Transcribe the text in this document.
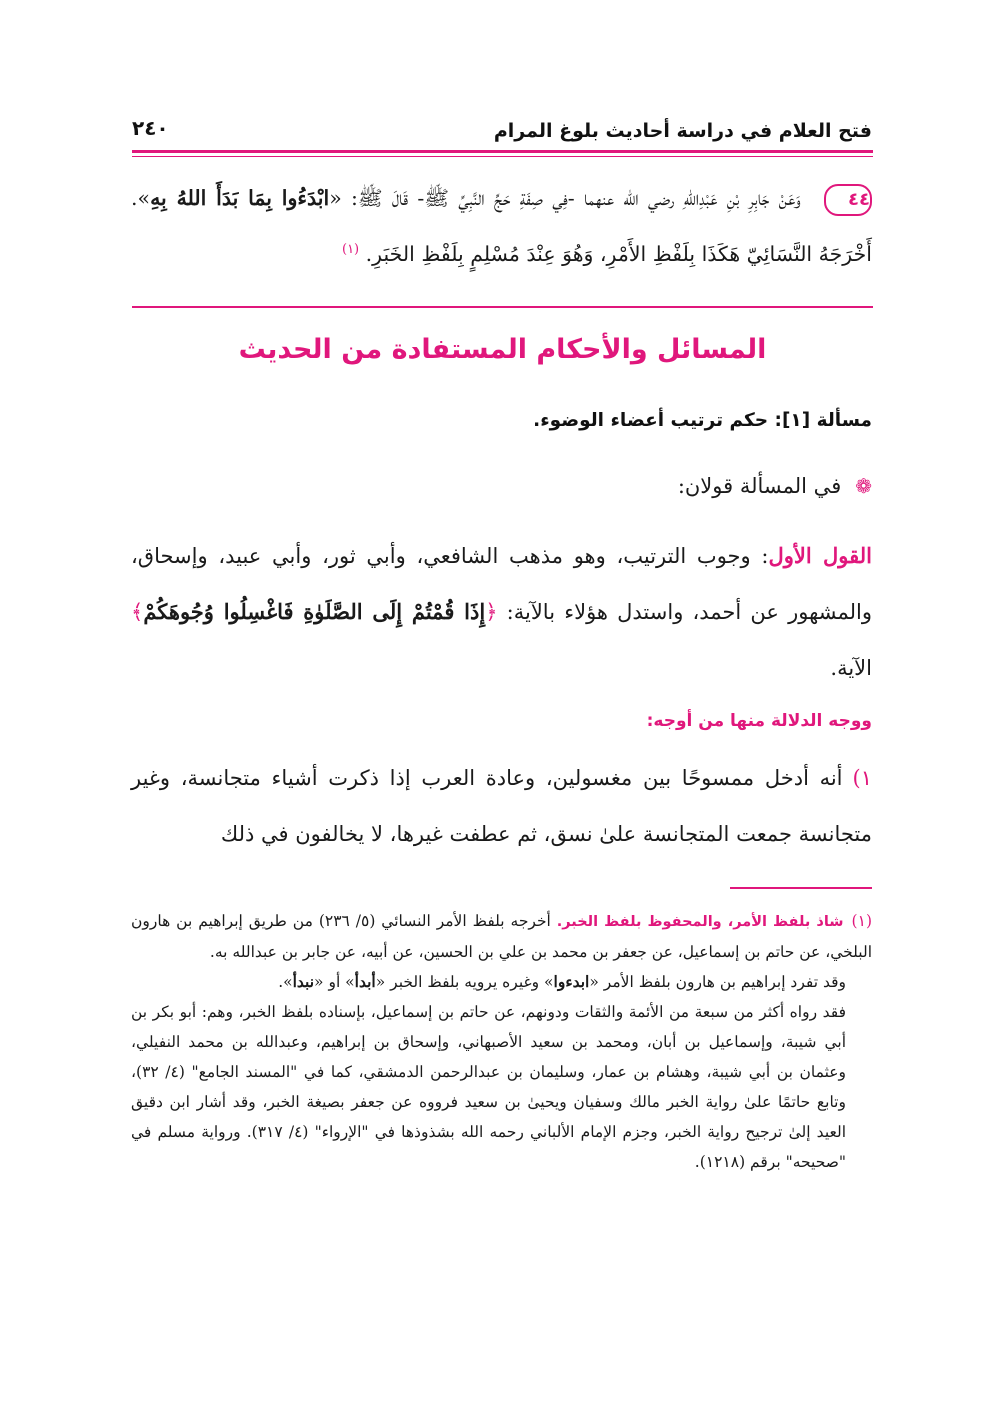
فتح العلام في دراسة أحاديث بلوغ المرام
٢٤٠
٤٤ وَعَنْ جَابِرِ بْنِ عَبْدِاللهِ رضي الله عنهما -فِي صِفَةِ حَجِّ النَّبِيِّ ﷺ- قَالَ ﷺ: «ابْدَءُوا بِمَا بَدَأَ اللهُ بِهِ». أَخْرَجَهُ النَّسَائِيّ هَكَذَا بِلَفْظِ الأَمْرِ، وَهُوَ عِنْدَ مُسْلِمٍ بِلَفْظِ الخَبَرِ. $^{(١)}$
المسائل والأحكام المستفادة من الحديث
مسألة [١]: حكم ترتيب أعضاء الوضوء.
❁في المسألة قولان:
القول الأول: وجوب الترتيب، وهو مذهب الشافعي، وأبي ثور، وأبي عبيد، وإسحاق، والمشهور عن أحمد، واستدل هؤلاء بالآية: ﴿إِذَا قُمْتُمْ إِلَى الصَّلَوٰةِ فَاغْسِلُوا وُجُوهَكُمْ﴾ الآية.
ووجه الدلالة منها من أوجه:
١)أنه أدخل ممسوحًا بين مغسولين، وعادة العرب إذا ذكرت أشياء متجانسة، وغير متجانسة جمعت المتجانسة علىٰ نسق، ثم عطفت غيرها، لا يخالفون في ذلك

(١)شاذ بلفظ الأمر، والمحفوظ بلفظ الخبر. أخرجه بلفظ الأمر النسائي (٥/ ٢٣٦) من طريق إبراهيم بن هارون البلخي، عن حاتم بن إسماعيل، عن جعفر بن محمد بن علي بن الحسين، عن أبيه، عن جابر بن عبدالله به.

وقد تفرد إبراهيم بن هارون بلفظ الأمر «ابدءوا» وغيره يرويه بلفظ الخبر «أبدأ» أو «نبدأ».

فقد رواه أكثر من سبعة من الأئمة والثقات ودونهم، عن حاتم بن إسماعيل، بإسناده بلفظ الخبر، وهم: أبو بكر بن أبي شيبة، وإسماعيل بن أبان، ومحمد بن سعيد الأصبهاني، وإسحاق بن إبراهيم، وعبدالله بن محمد النفيلي، وعثمان بن أبي شيبة، وهشام بن عمار، وسليمان بن عبدالرحمن الدمشقي، كما في "المسند الجامع" (٤/ ٣٢)، وتابع حاتمًا علىٰ رواية الخبر مالك وسفيان ويحيىٰ بن سعيد فرووه عن جعفر بصيغة الخبر، وقد أشار ابن دقيق العيد إلىٰ ترجيح رواية الخبر، وجزم الإمام الألباني رحمه الله بشذوذها في "الإرواء" (٤/ ٣١٧). ورواية مسلم في "صحيحه" برقم (١٢١٨).
